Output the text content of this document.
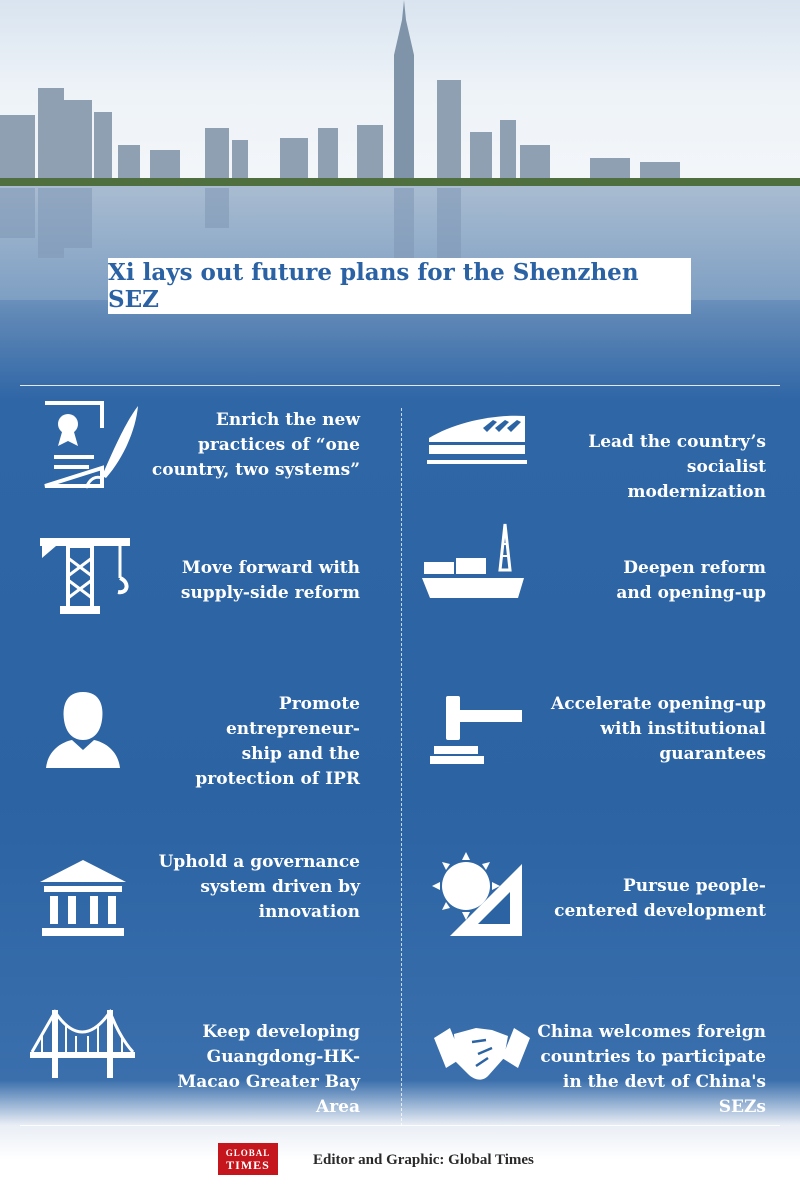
Xi lays out future plans for the Shenzhen SEZ
Enrich the new
practices of “one
country, two systems”
Lead the country’s
socialist modernization
Move forward with
supply-side reform
Deepen reform
and opening-up
Promote entrepreneur-
ship and the
protection of IPR
Accelerate opening-up
with institutional
guarantees
Uphold a governance
system driven by
innovation
Pursue people-
centered development
Keep developing
Guangdong-HK-
Macao Greater Bay Area
China welcomes foreign
countries to participate
in the devt of China's SEZs
GLOBAL
TIMES	Editor and Graphic: Global Times
